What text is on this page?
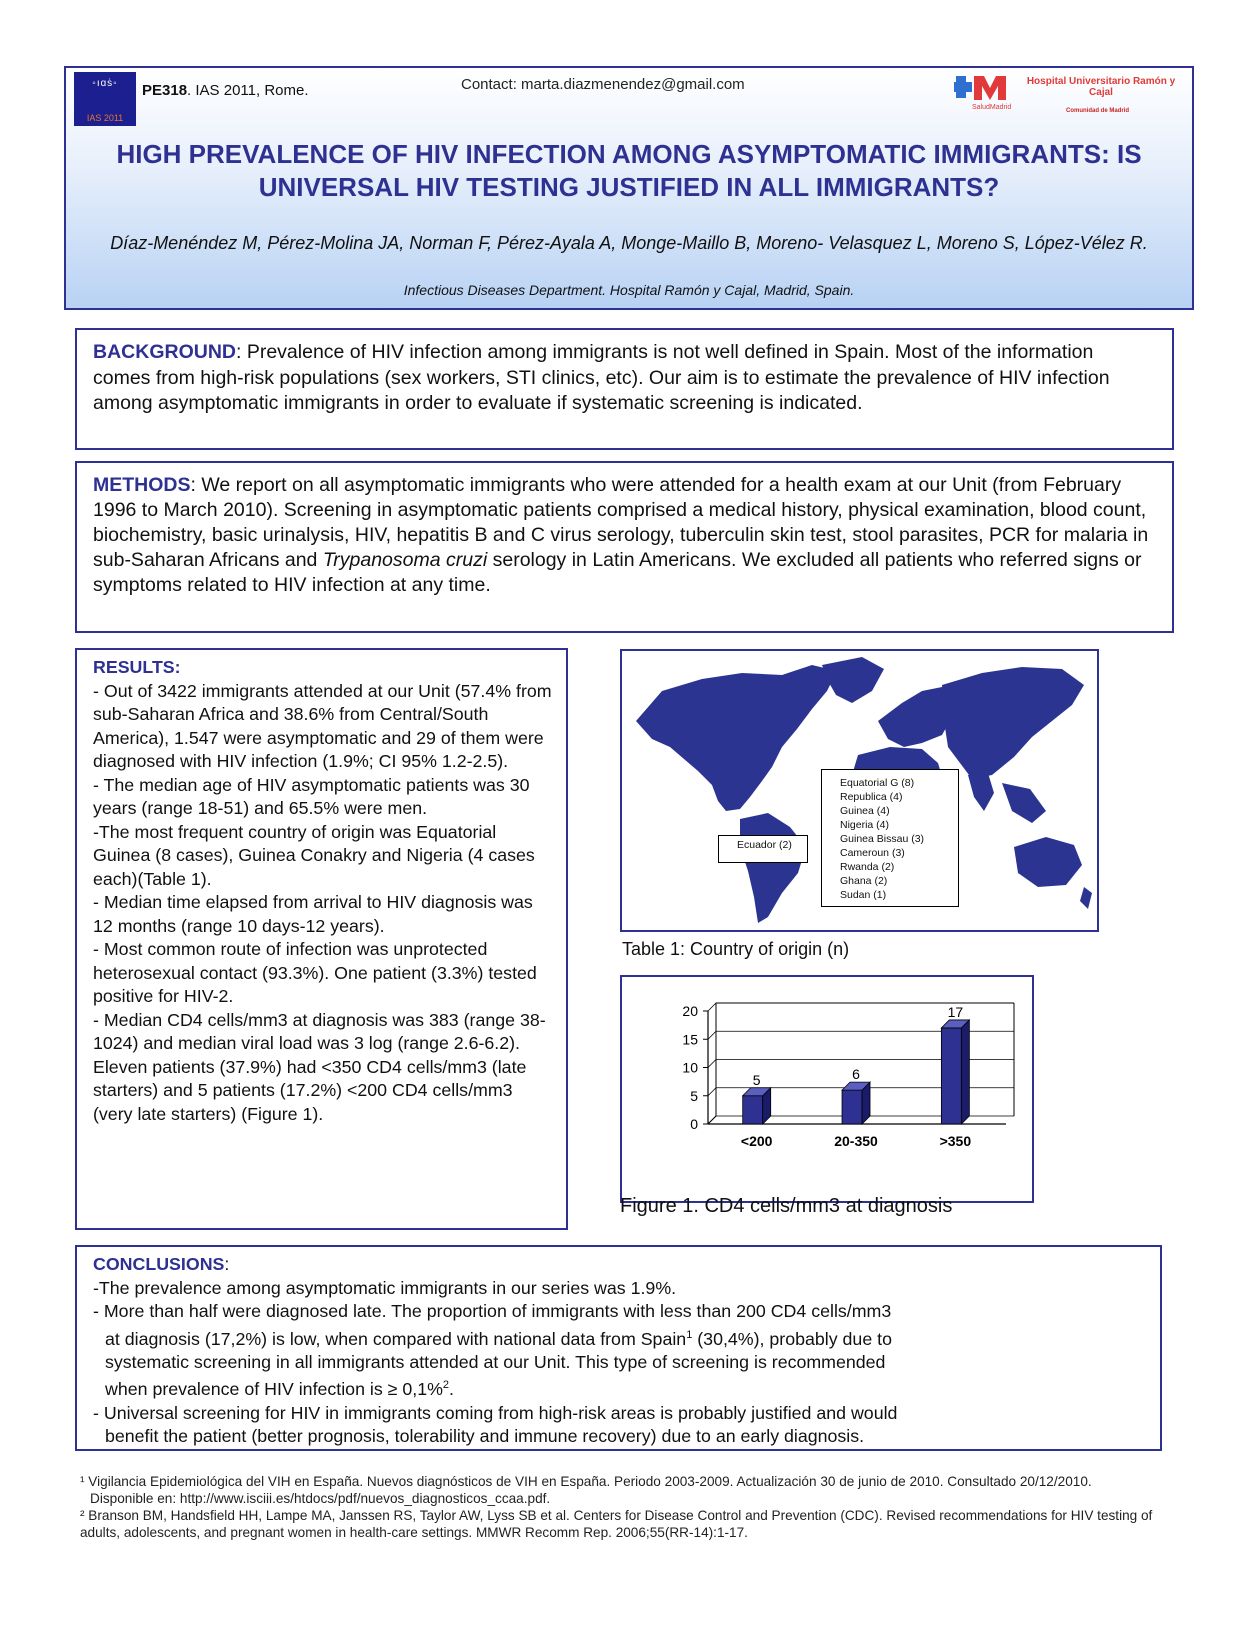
◦ıɑṡ◦
IAS 2011
PE318. IAS 2011, Rome.	Contact: marta.diazmenendez@gmail.com
SaludMadrid
Hospital Universitario Ramón y Cajal
Comunidad de Madrid
HIGH PREVALENCE OF HIV INFECTION AMONG ASYMPTOMATIC IMMIGRANTS: IS UNIVERSAL HIV TESTING JUSTIFIED IN ALL IMMIGRANTS?
Díaz-Menéndez M, Pérez-Molina JA, Norman F, Pérez-Ayala A, Monge-Maillo B, Moreno- Velasquez L, Moreno S, López-Vélez R.
Infectious Diseases Department. Hospital Ramón y Cajal, Madrid, Spain.
BACKGROUND: Prevalence of HIV infection among immigrants is not well defined in Spain. Most of the information comes from high-risk populations (sex workers, STI clinics, etc). Our aim is to estimate the prevalence of HIV infection among asymptomatic immigrants in order to evaluate if systematic screening is indicated.
METHODS: We report on all asymptomatic immigrants who were attended for a health exam at our Unit (from February 1996 to March 2010). Screening in asymptomatic patients comprised a medical history, physical examination, blood count, biochemistry, basic urinalysis, HIV, hepatitis B and C virus serology, tuberculin skin test, stool parasites, PCR for malaria in sub-Saharan Africans and Trypanosoma cruzi serology in Latin Americans. We excluded all patients who referred signs or symptoms related to HIV infection at any time.
RESULTS:
- Out of 3422 immigrants attended at our Unit (57.4% from sub-Saharan Africa and 38.6% from Central/South America), 1.547 were asymptomatic and 29 of them were diagnosed with HIV infection (1.9%; CI 95% 1.2-2.5).
- The median age of HIV asymptomatic patients was 30 years (range 18-51) and 65.5% were men.
-The most frequent country of origin was Equatorial Guinea (8 cases), Guinea Conakry and Nigeria (4 cases each)(Table 1).
- Median time elapsed from arrival to HIV diagnosis was 12 months (range 10 days-12 years).
- Most common route of infection was unprotected heterosexual contact (93.3%). One patient (3.3%) tested positive for HIV-2.
- Median CD4 cells/mm3 at diagnosis was 383 (range 38-1024) and median viral load was 3 log (range 2.6-6.2). Eleven patients (37.9%) had <350 CD4 cells/mm3 (late starters) and 5 patients (17.2%) <200 CD4 cells/mm3 (very late starters) (Figure 1).
Ecuador (2)
Equatorial G (8)
Republica (4)
Guinea (4)
Nigeria (4)
Guinea Bissau (3)
Cameroun (3)
Rwanda (2)
Ghana (2)
Sudan (1)
Table 1: Country of origin (n)
0
5
10
15
20
5
<200
6
20-350
17
>350
Figure 1. CD4 cells/mm3 at diagnosis
CONCLUSIONS:
-The prevalence among asymptomatic immigrants in our series was 1.9%.
- More than half were diagnosed late. The proportion of immigrants with less than 200 CD4 cells/mm3
at diagnosis (17,2%) is low, when compared with national data from Spain$^1$ (30,4%), probably due to
systematic screening in all immigrants attended at our Unit. This type of screening is recommended
when prevalence of HIV infection is ≥ 0,1%$^2$.
- Universal screening for HIV in immigrants coming from high-risk areas is probably justified and would
benefit the patient (better prognosis, tolerability and immune recovery) due to an early diagnosis.
¹ Vigilancia Epidemiológica del VIH en España. Nuevos diagnósticos de VIH en España. Periodo 2003-2009. Actualización 30 de junio de 2010. Consultado 20/12/2010.
Disponible en: http://www.isciii.es/htdocs/pdf/nuevos_diagnosticos_ccaa.pdf.
² Branson BM, Handsfield HH, Lampe MA, Janssen RS, Taylor AW, Lyss SB et al. Centers for Disease Control and Prevention (CDC). Revised recommendations for HIV testing of adults, adolescents, and pregnant women in health-care settings. MMWR Recomm Rep. 2006;55(RR-14):1-17.
